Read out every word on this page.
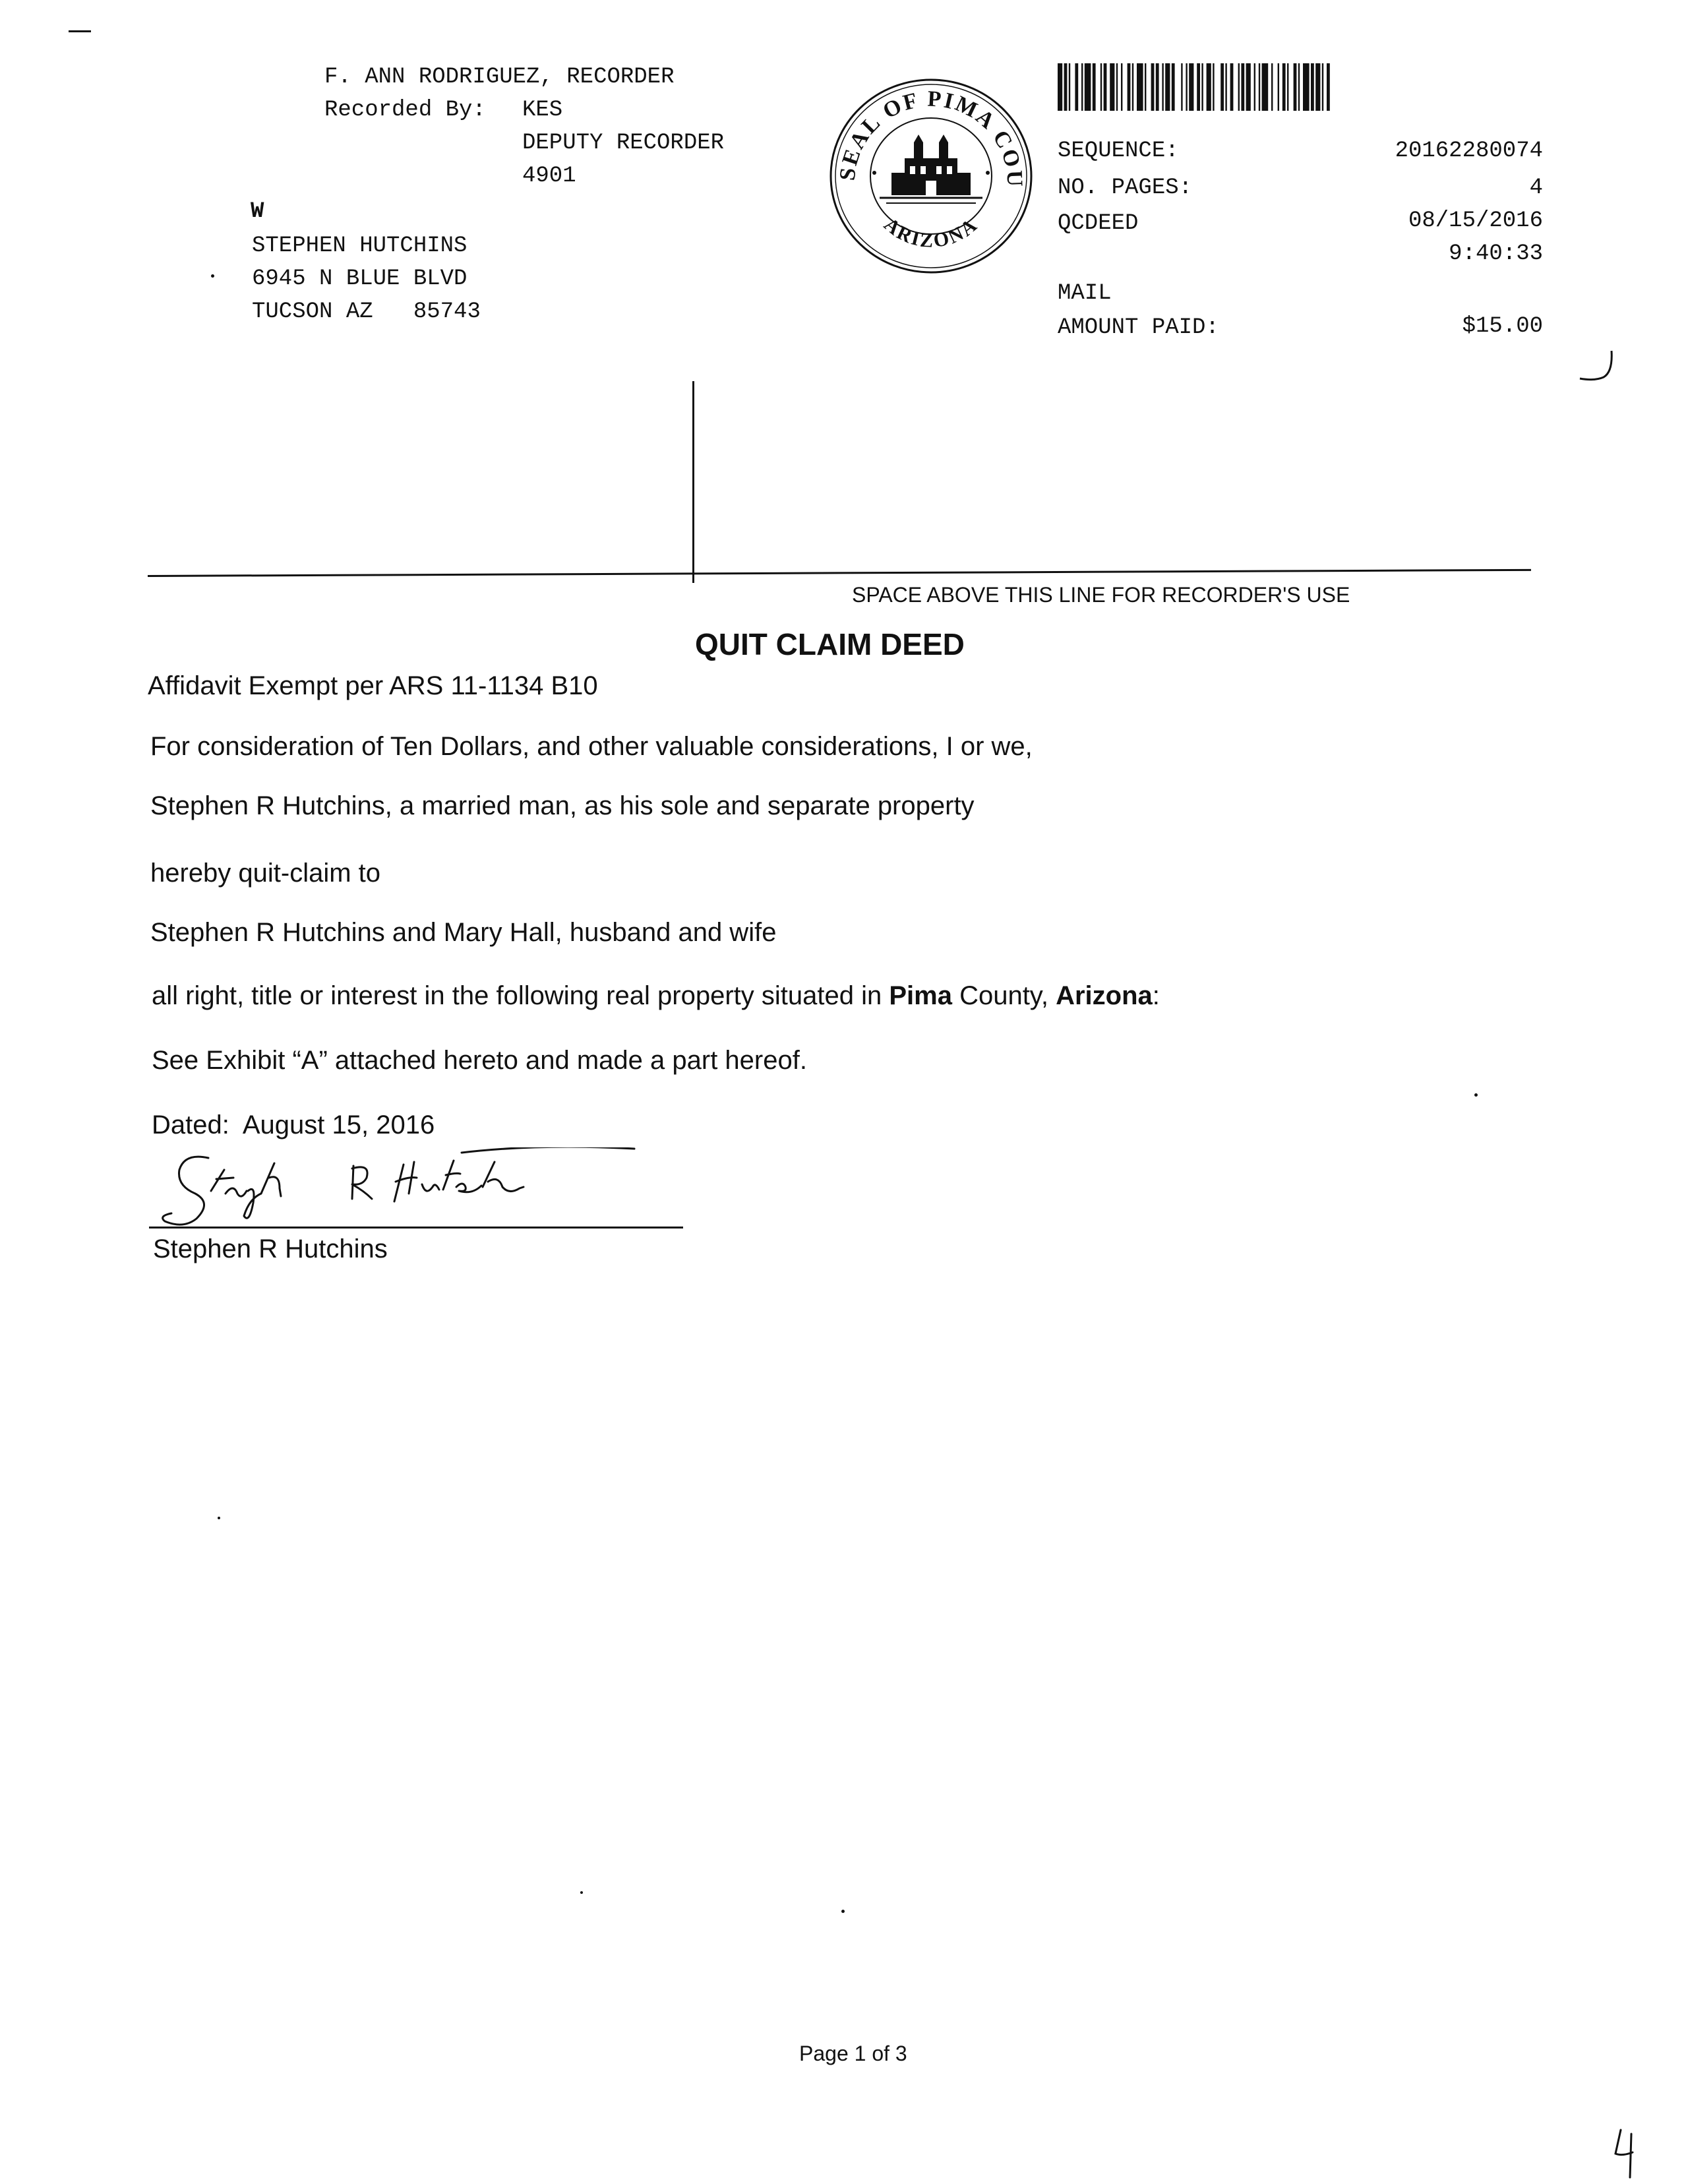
F. ANN RODRIGUEZ, RECORDER
Recorded By: KES
DEPUTY RECORDER
4901
W
STEPHEN HUTCHINS
6945 N BLUE BLVD
TUCSON AZ   85743
SEAL OF PIMA COU
ARIZONA
SEQUENCE:	20162280074
NO. PAGES:	4
QCDEED	08/15/2016
9:40:33
MAIL
AMOUNT PAID:	$15.00
SPACE ABOVE THIS LINE FOR RECORDER'S USE
QUIT CLAIM DEED
Affidavit Exempt per ARS 11-1134 B10
For consideration of Ten Dollars, and other valuable considerations, I or we,
Stephen R Hutchins, a married man, as his sole and separate property
hereby quit-claim to
Stephen R Hutchins and Mary Hall, husband and wife
all right, title or interest in the following real property situated in Pima County, Arizona:
See Exhibit “A” attached hereto and made a part hereof.
Dated:  August 15, 2016
Stephen R Hutchins
Page 1 of 3
